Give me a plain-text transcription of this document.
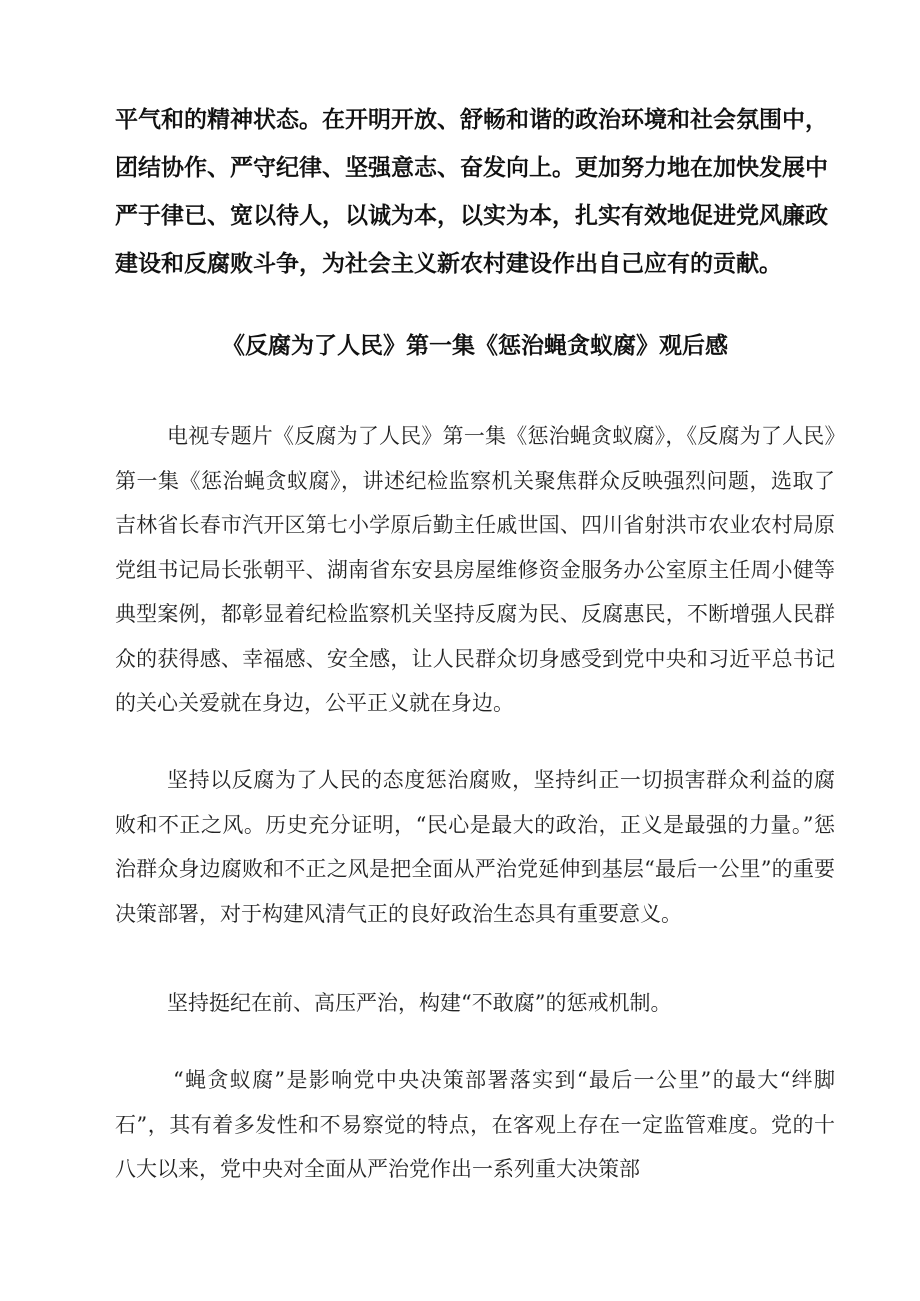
平气和的精神状态。在开明开放、舒畅和谐的政治环境和社会氛围中，团结协作、严守纪律、坚强意志、奋发向上。更加努力地在加快发展中严于律已、宽以待人，以诚为本，以实为本，扎实有效地促进党风廉政建设和反腐败斗争，为社会主义新农村建设作出自己应有的贡献。

《反腐为了人民》第一集《惩治蝇贪蚁腐》观后感

电视专题片《反腐为了人民》第一集《惩治蝇贪蚁腐》，《反腐为了人民》第一集《惩治蝇贪蚁腐》，讲述纪检监察机关聚焦群众反映强烈问题，选取了吉林省长春市汽开区第七小学原后勤主任戚世国、四川省射洪市农业农村局原党组书记局长张朝平、湖南省东安县房屋维修资金服务办公室原主任周小健等典型案例，都彰显着纪检监察机关坚持反腐为民、反腐惠民，不断增强人民群众的获得感、幸福感、安全感，让人民群众切身感受到党中央和习近平总书记的关心关爱就在身边，公平正义就在身边。

坚持以反腐为了人民的态度惩治腐败，坚持纠正一切损害群众利益的腐败和不正之风。历史充分证明，“民心是最大的政治，正义是最强的力量。”惩治群众身边腐败和不正之风是把全面从严治党延伸到基层“最后一公里”的重要决策部署，对于构建风清气正的良好政治生态具有重要意义。

坚持挺纪在前、高压严治，构建“不敢腐”的惩戒机制。

“蝇贪蚁腐”是影响党中央决策部署落实到“最后一公里”的最大“绊脚石”，其有着多发性和不易察觉的特点，在客观上存在一定监管难度。党的十八大以来，党中央对全面从严治党作出一系列重大决策部
